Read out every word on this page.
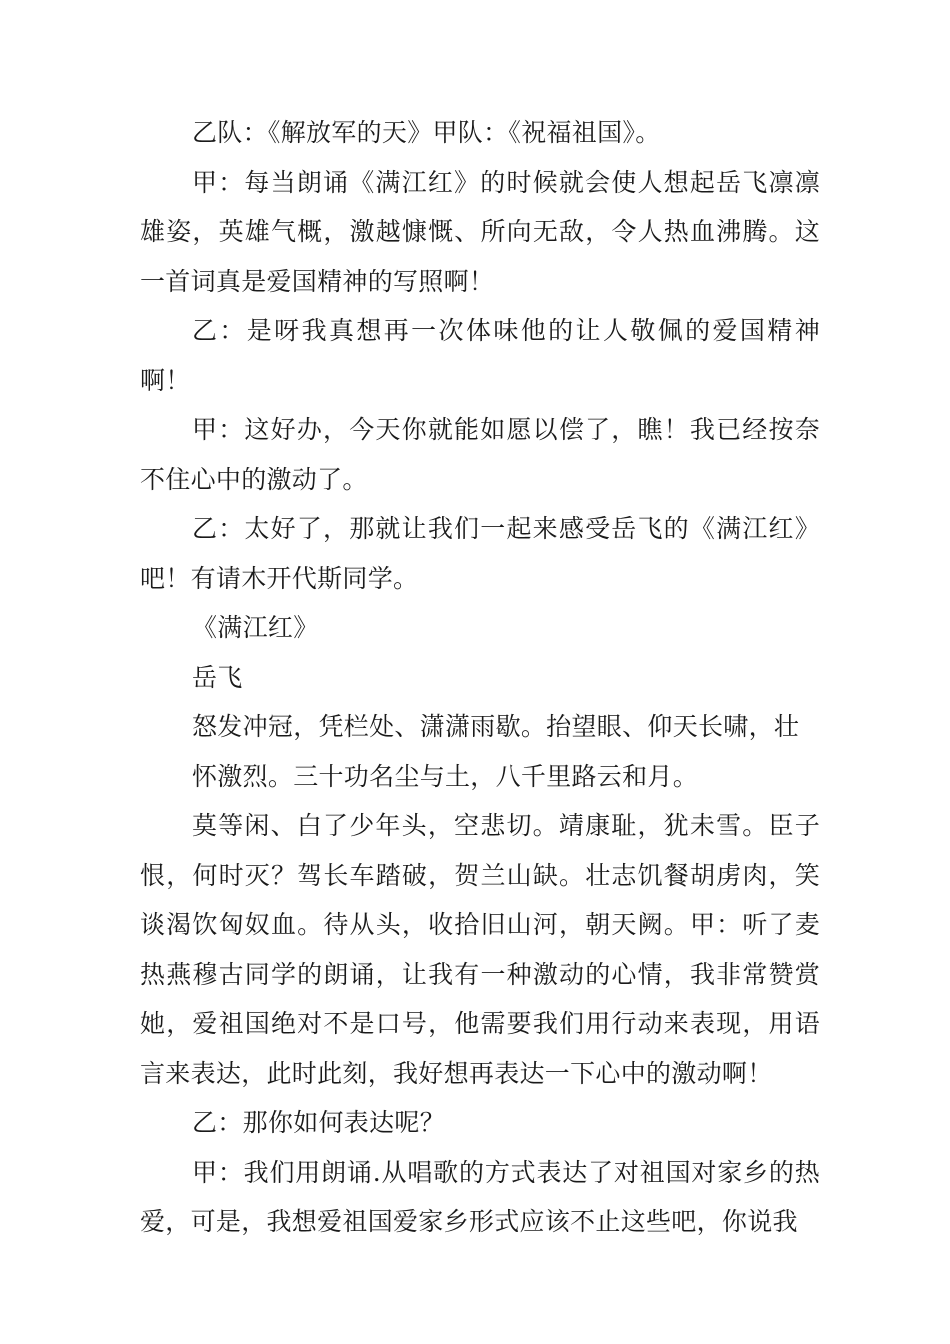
乙队：《解放军的天》甲队：《祝福祖国》。

甲：每当朗诵《满江红》的时候就会使人想起岳飞凛凛雄姿，英雄气概，激越慷慨、所向无敌，令人热血沸腾。这一首词真是爱国精神的写照啊！

乙：是呀我真想再一次体味他的让人敬佩的爱国精神啊！

甲：这好办，今天你就能如愿以偿了，瞧！我已经按奈不住心中的激动了。

乙：太好了，那就让我们一起来感受岳飞的《满江红》吧！有请木开代斯同学。

《满江红》

岳飞

怒发冲冠，凭栏处、潇潇雨歇。抬望眼、仰天长啸，壮

怀激烈。三十功名尘与土，八千里路云和月。

莫等闲、白了少年头，空悲切。靖康耻，犹未雪。臣子恨，何时灭？驾长车踏破，贺兰山缺。壮志饥餐胡虏肉，笑谈渴饮匈奴血。待从头，收拾旧山河，朝天阙。甲：听了麦热燕穆古同学的朗诵，让我有一种激动的心情，我非常赞赏她，爱祖国绝对不是口号，他需要我们用行动来表现，用语言来表达，此时此刻，我好想再表达一下心中的激动啊！

乙：那你如何表达呢？

甲：我们用朗诵.从唱歌的方式表达了对祖国对家乡的热爱，可是，我想爱祖国爱家乡形式应该不止这些吧，你说我
